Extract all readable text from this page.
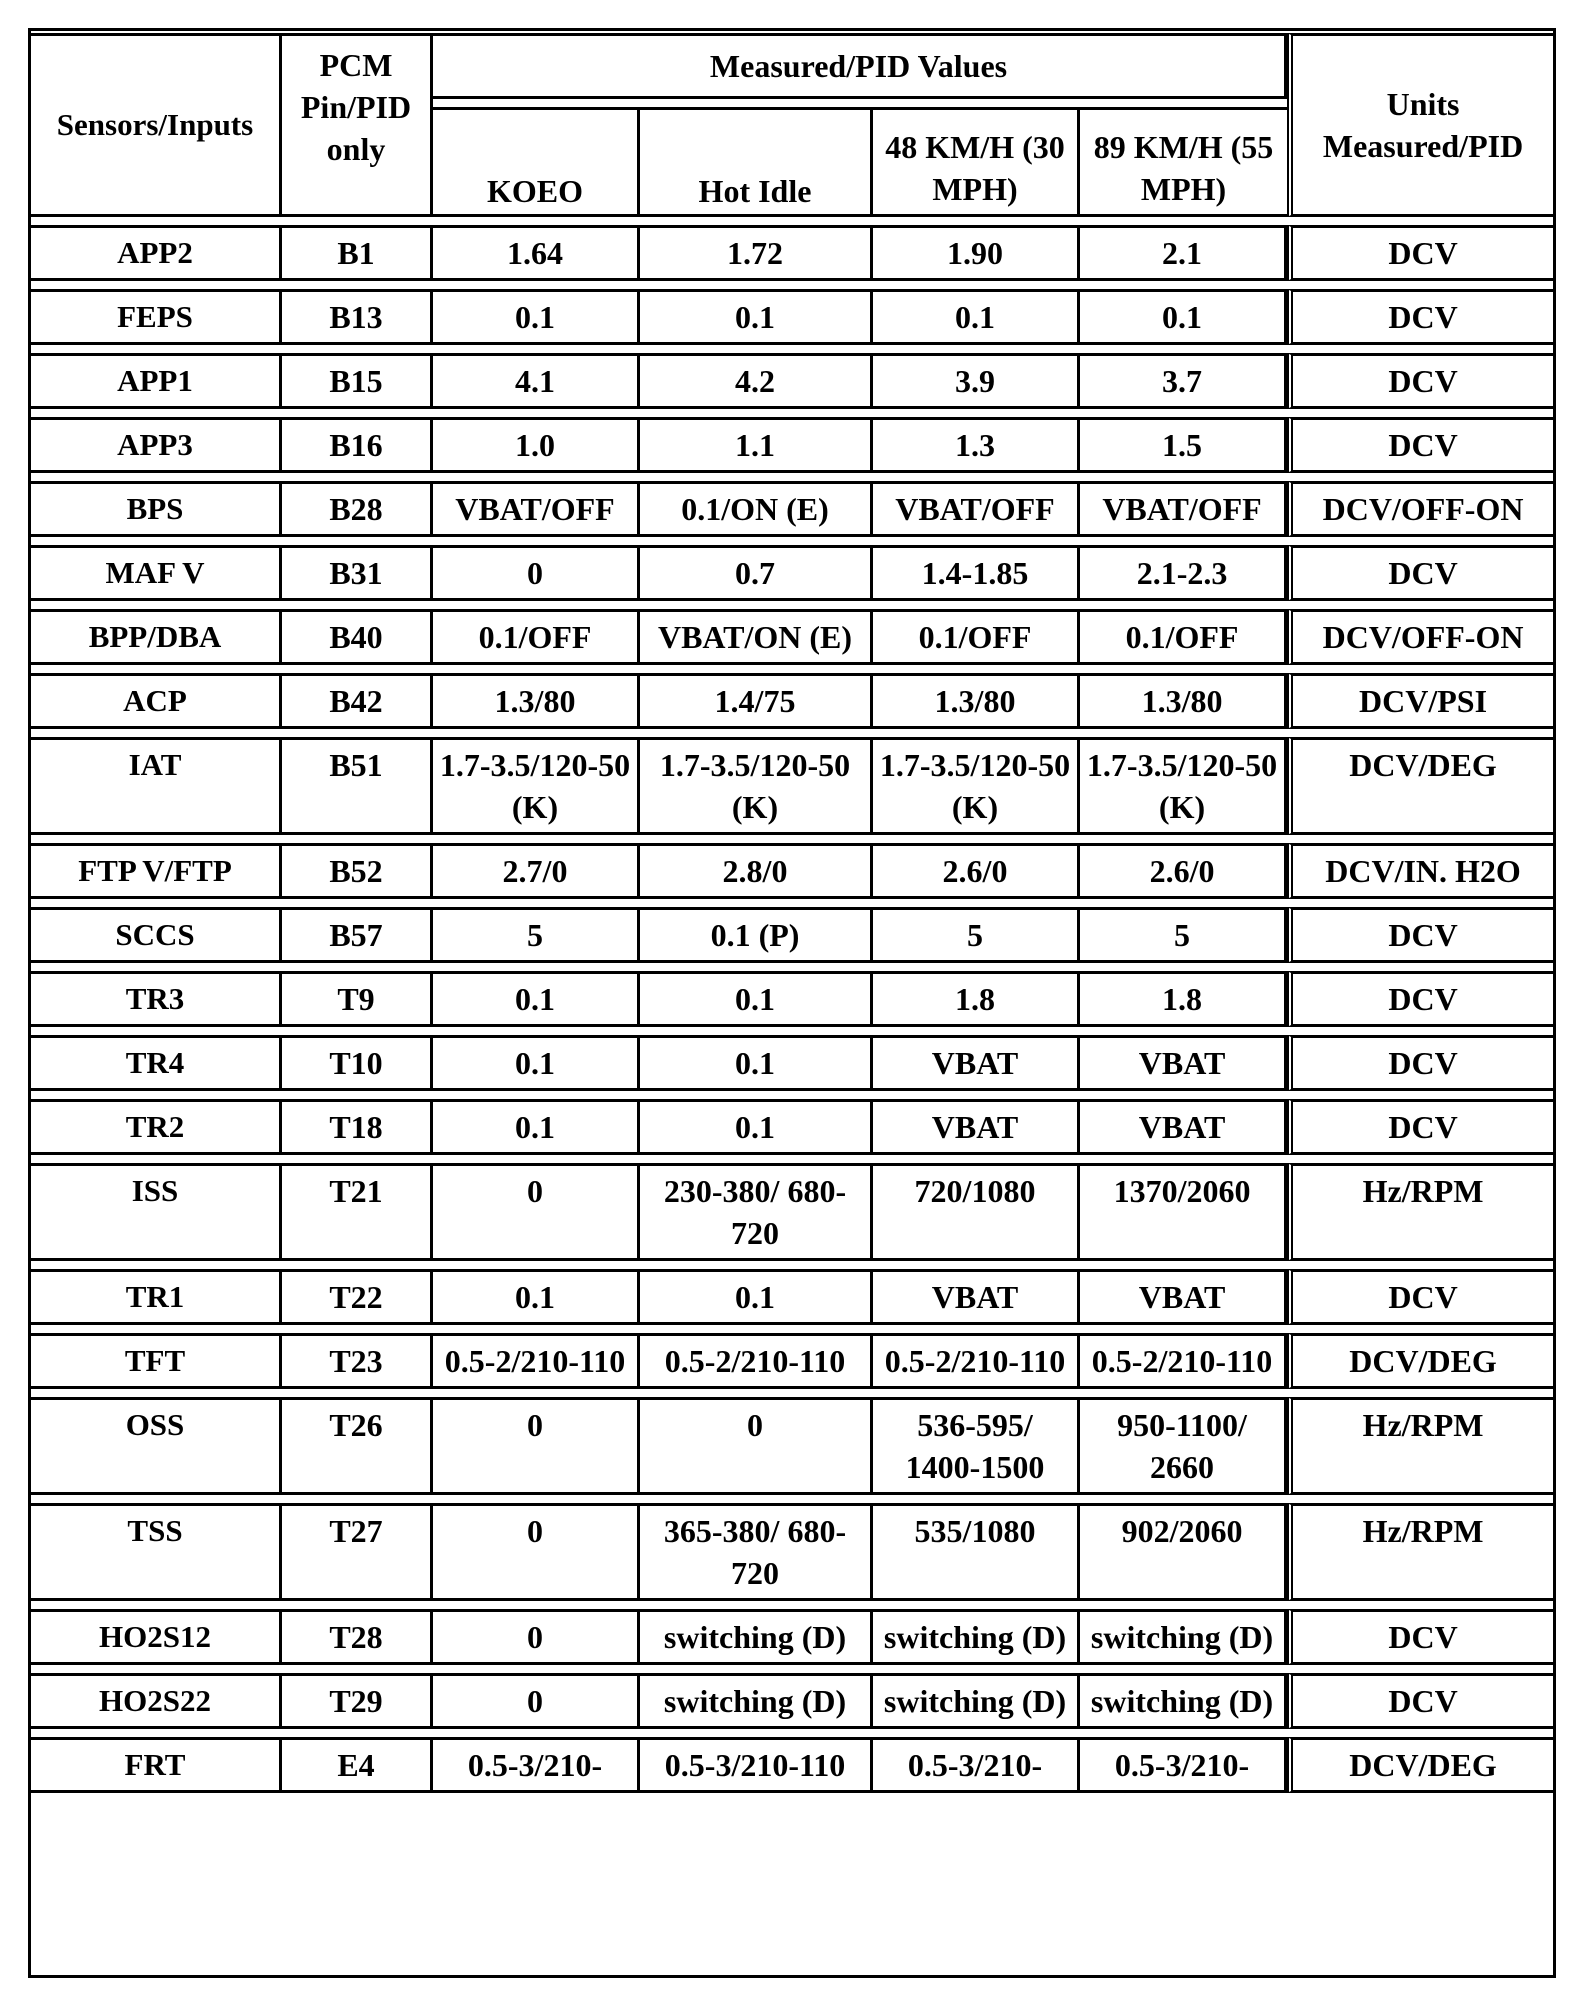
Sensors/Inputs	PCM Pin/PID only	Measured/PID Values				Units Measured/PID
		KOEO	Hot Idle	48 KM/H (30 MPH)	89 KM/H (55 MPH)	
APP2	B1	1.64	1.72	1.90	2.1	DCV
FEPS	B13	0.1	0.1	0.1	0.1	DCV
APP1	B15	4.1	4.2	3.9	3.7	DCV
APP3	B16	1.0	1.1	1.3	1.5	DCV
BPS	B28	VBAT/OFF	0.1/ON (E)	VBAT/OFF	VBAT/OFF	DCV/OFF-ON
MAF V	B31	0	0.7	1.4-1.85	2.1-2.3	DCV
BPP/DBA	B40	0.1/OFF	VBAT/ON (E)	0.1/OFF	0.1/OFF	DCV/OFF-ON
ACP	B42	1.3/80	1.4/75	1.3/80	1.3/80	DCV/PSI
IAT	B51	1.7-3.5/120-50 (K)	1.7-3.5/120-50 (K)	1.7-3.5/120-50 (K)	1.7-3.5/120-50 (K)	DCV/DEG
FTP V/FTP	B52	2.7/0	2.8/0	2.6/0	2.6/0	DCV/IN. H2O
SCCS	B57	5	0.1 (P)	5	5	DCV
TR3	T9	0.1	0.1	1.8	1.8	DCV
TR4	T10	0.1	0.1	VBAT	VBAT	DCV
TR2	T18	0.1	0.1	VBAT	VBAT	DCV
ISS	T21	0	230-380/ 680-720	720/1080	1370/2060	Hz/RPM
TR1	T22	0.1	0.1	VBAT	VBAT	DCV
TFT	T23	0.5-2/210-110	0.5-2/210-110	0.5-2/210-110	0.5-2/210-110	DCV/DEG
OSS	T26	0	0	536-595/ 1400-1500	950-1100/ 2660	Hz/RPM
TSS	T27	0	365-380/ 680-720	535/1080	902/2060	Hz/RPM
HO2S12	T28	0	switching (D)	switching (D)	switching (D)	DCV
HO2S22	T29	0	switching (D)	switching (D)	switching (D)	DCV
FRT	E4	0.5-3/210-	0.5-3/210-110	0.5-3/210-	0.5-3/210-	DCV/DEG
